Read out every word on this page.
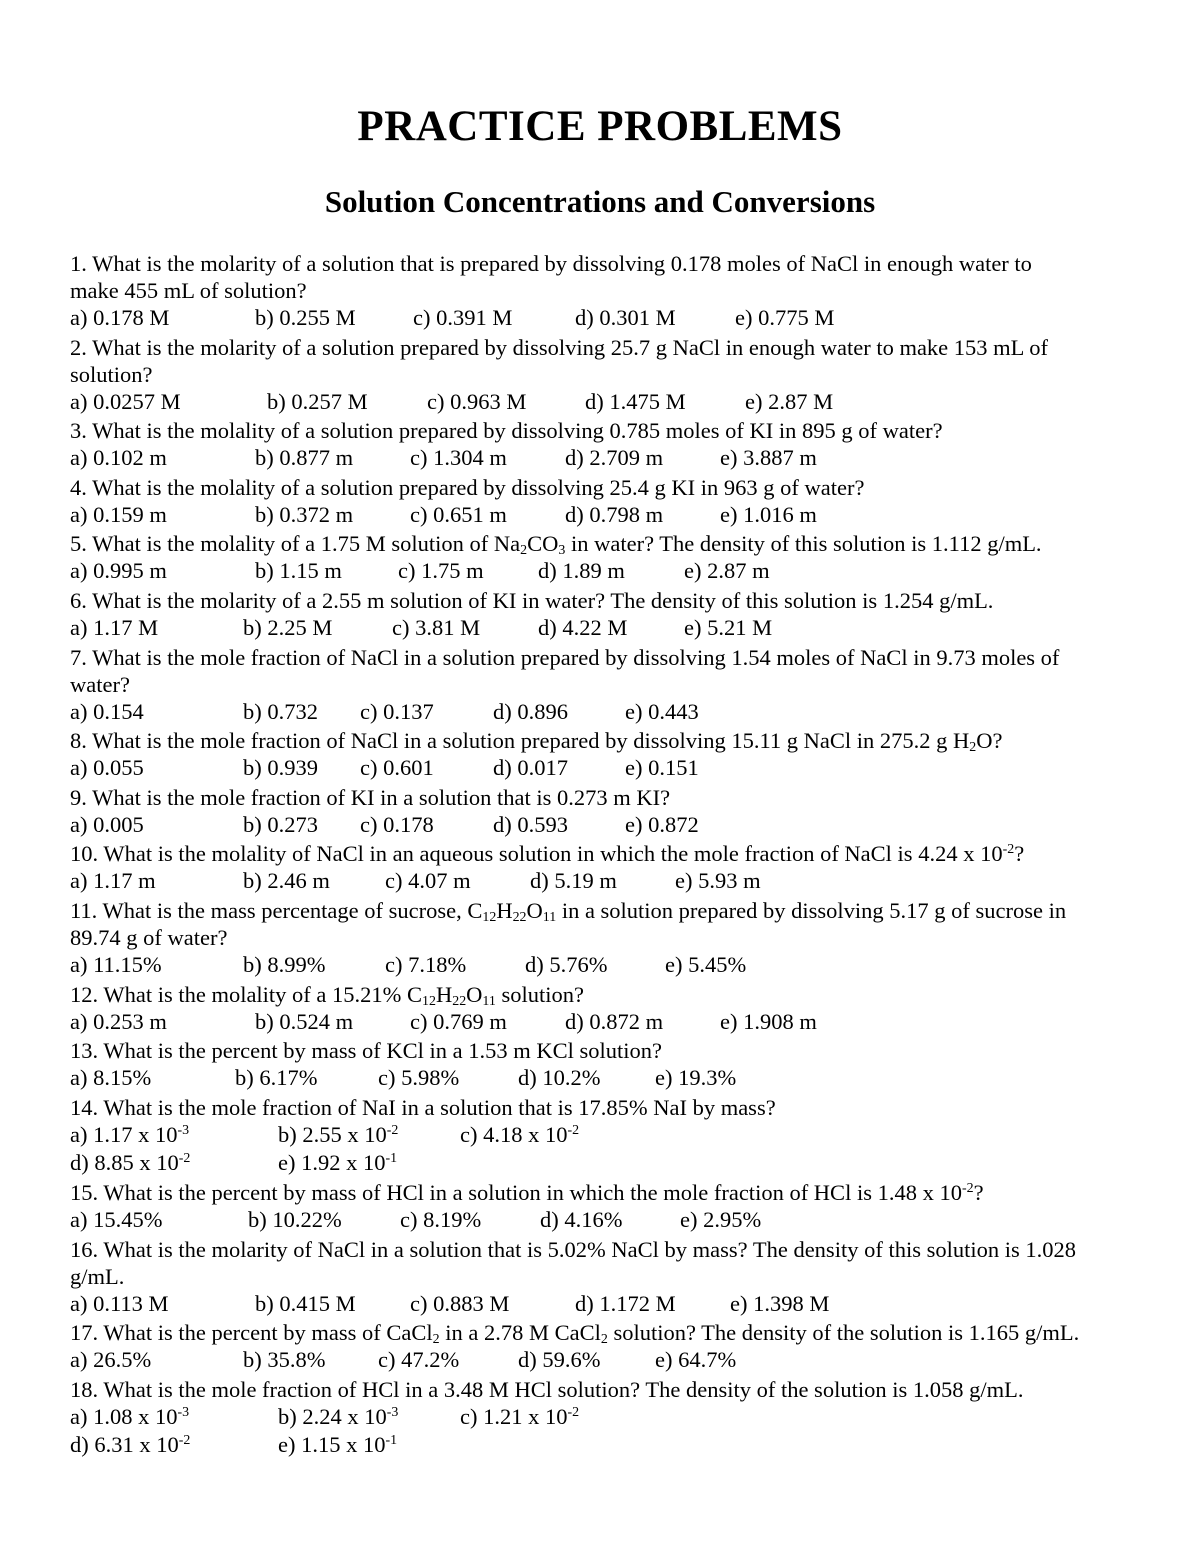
PRACTICE PROBLEMS
Solution Concentrations and Conversions
1. What is the molarity of a solution that is prepared by dissolving 0.178 moles of NaCl in enough water to
make 455 mL of solution?
a) 0.178 M	b) 0.255 M	c) 0.391 M	d) 0.301 M	e) 0.775 M
2. What is the molarity of a solution prepared by dissolving 25.7 g NaCl in enough water to make 153 mL of
solution?
a) 0.0257 M	b) 0.257 M	c) 0.963 M	d) 1.475 M	e) 2.87 M
3. What is the molality of a solution prepared by dissolving 0.785 moles of KI in 895 g of water?
a) 0.102 m	b) 0.877 m	c) 1.304 m	d) 2.709 m	e) 3.887 m
4. What is the molality of a solution prepared by dissolving 25.4 g KI in 963 g of water?
a) 0.159 m	b) 0.372 m	c) 0.651 m	d) 0.798 m	e) 1.016 m
5. What is the molality of a 1.75 M solution of $Na_2CO_3$ in water? The density of this solution is 1.112 g/mL.
a) 0.995 m	b) 1.15 m c) 1.75 m d) 1.89 m	e) 2.87 m
6. What is the molarity of a 2.55 m solution of KI in water? The density of this solution is 1.254 g/mL.
a) 1.17 M	b) 2.25 M	c) 3.81 M	d) 4.22 M	e) 5.21 M
7. What is the mole fraction of NaCl in a solution prepared by dissolving 1.54 moles of NaCl in 9.73 moles of
water?
a) 0.154	b) 0.732 c) 0.137	d) 0.896	e) 0.443
8. What is the mole fraction of NaCl in a solution prepared by dissolving 15.11 g NaCl in 275.2 g $H_2O$?
a) 0.055	b) 0.939 c) 0.601	d) 0.017	e) 0.151
9. What is the mole fraction of KI in a solution that is 0.273 m KI?
a) 0.005	b) 0.273 c) 0.178	d) 0.593	e) 0.872
10. What is the molality of NaCl in an aqueous solution in which the mole fraction of NaCl is 4.24 x $10^{-2}$?
a) 1.17 m	b) 2.46 m c) 4.07 m	d) 5.19 m	e) 5.93 m
11. What is the mass percentage of sucrose, $C_{12}H_{22}O_{11}$ in a solution prepared by dissolving 5.17 g of sucrose in
89.74 g of water?
a) 11.15%	b) 8.99%	c) 7.18%	d) 5.76%	e) 5.45%
12. What is the molality of a 15.21% $C_{12}H_{22}O_{11}$ solution?
a) 0.253 m	b) 0.524 m	c) 0.769 m	d) 0.872 m	e) 1.908 m
13. What is the percent by mass of KCl in a 1.53 m KCl solution?
a) 8.15%	b) 6.17%	c) 5.98%	d) 10.2% e) 19.3%
14. What is the mole fraction of NaI in a solution that is 17.85% NaI by mass?
a) 1.17 x $10^{-3}$	b) 2.55 x $10^{-2}$	c) 4.18 x $10^{-2}$
d) 8.85 x $10^{-2}$	e) 1.92 x $10^{-1}$
15. What is the percent by mass of HCl in a solution in which the mole fraction of HCl is 1.48 x $10^{-2}$?
a) 15.45%	b) 10.22%	c) 8.19%	d) 4.16%	e) 2.95%
16. What is the molarity of NaCl in a solution that is 5.02% NaCl by mass? The density of this solution is 1.028
g/mL.
a) 0.113 M	b) 0.415 M c) 0.883 M	d) 1.172 M e) 1.398 M
17. What is the percent by mass of CaCl$_2$ in a 2.78 M CaCl$_2$ solution? The density of the solution is 1.165 g/mL.
a) 26.5%	b) 35.8% c) 47.2%	d) 59.6% e) 64.7%
18. What is the mole fraction of HCl in a 3.48 M HCl solution? The density of the solution is 1.058 g/mL.
a) 1.08 x $10^{-3}$	b) 2.24 x $10^{-3}$	c) 1.21 x $10^{-2}$
d) 6.31 x $10^{-2}$	e) 1.15 x $10^{-1}$
